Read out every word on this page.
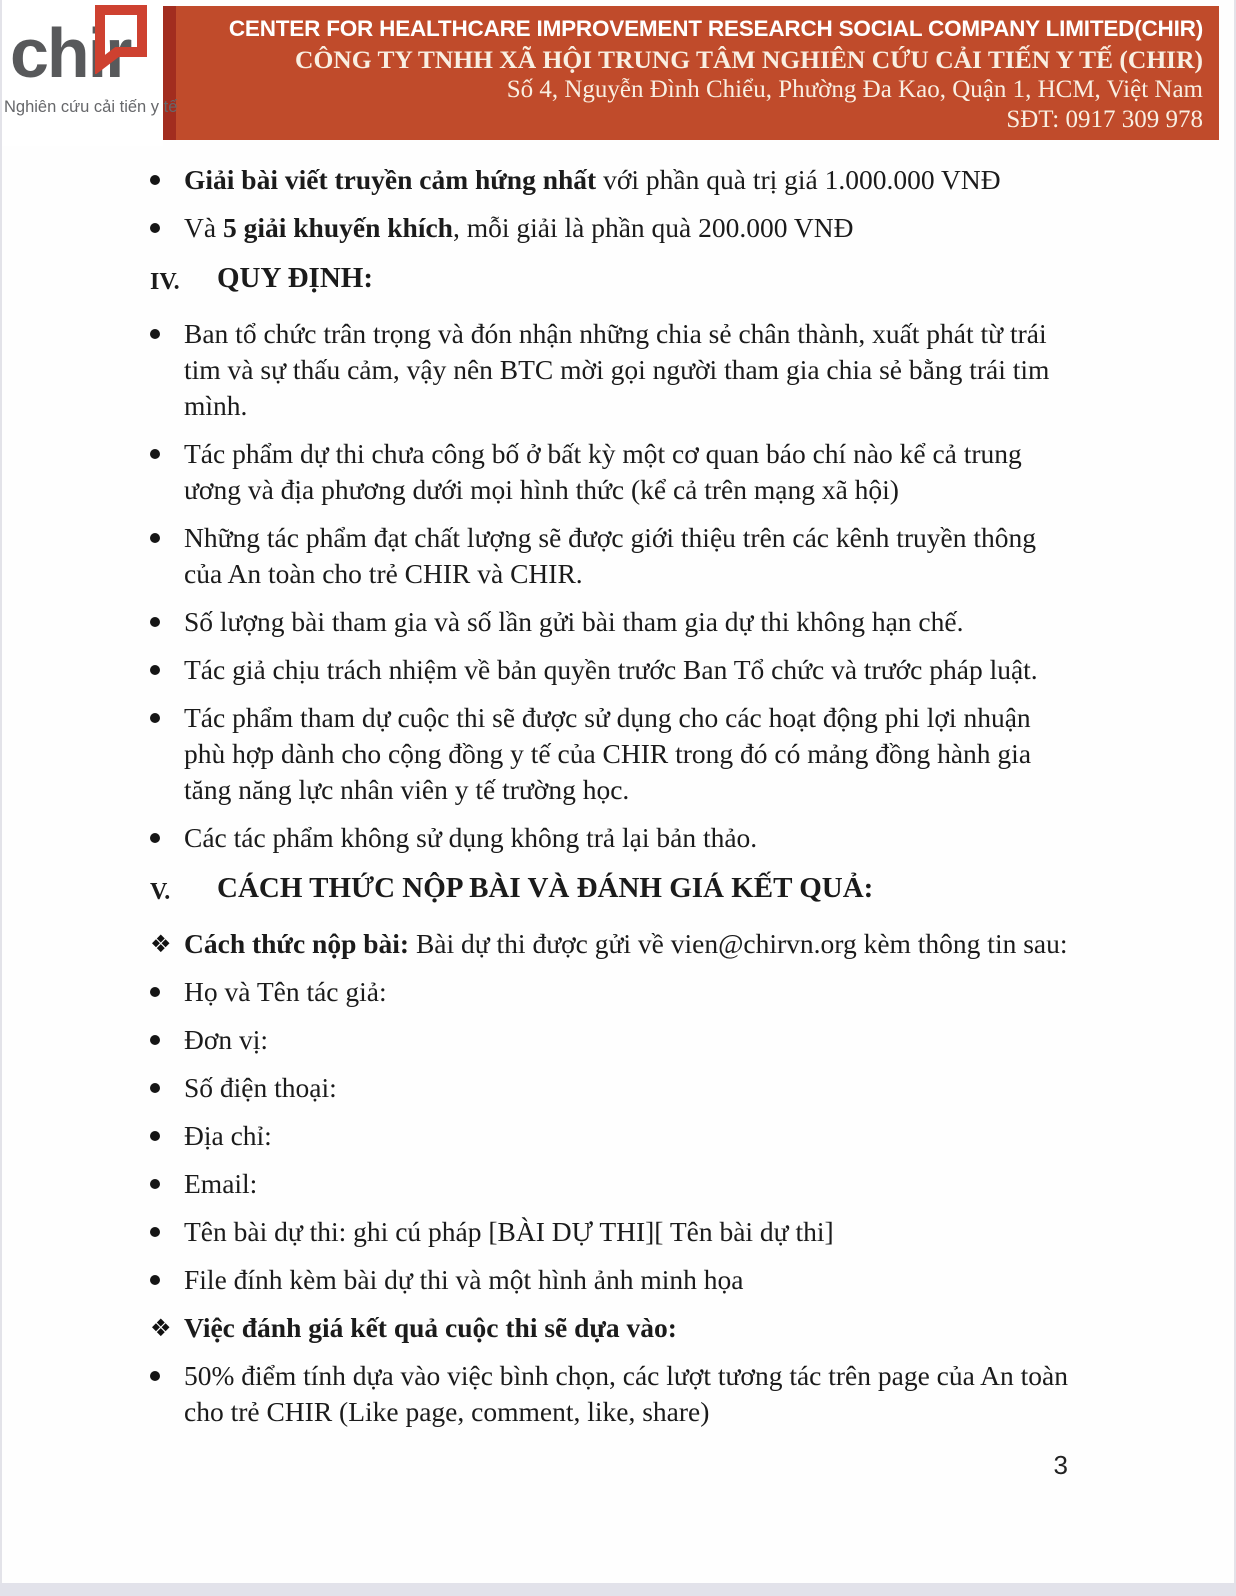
chir
Nghiên cứu cải tiến y tế
CENTER FOR HEALTHCARE IMPROVEMENT RESEARCH SOCIAL COMPANY LIMITED(CHIR)
CÔNG TY TNHH XÃ HỘI TRUNG TÂM NGHIÊN CỨU CẢI TIẾN Y TẾ (CHIR)
Số 4, Nguyễn Đình Chiểu, Phường Đa Kao, Quận 1, HCM, Việt Nam
SĐT: 0917 309 978
Giải bài viết truyền cảm hứng nhất với phần quà trị giá 1.000.000 VNĐ
Và 5 giải khuyến khích, mỗi giải là phần quà 200.000 VNĐ
IV.	QUY ĐỊNH:
Ban tổ chức trân trọng và đón nhận những chia sẻ chân thành, xuất phát từ trái tim và sự thấu cảm, vậy nên BTC mời gọi người tham gia chia sẻ bằng trái tim mình.
Tác phẩm dự thi chưa công bố ở bất kỳ một cơ quan báo chí nào kể cả trung ương và địa phương dưới mọi hình thức (kể cả trên mạng xã hội)
Những tác phẩm đạt chất lượng sẽ được giới thiệu trên các kênh truyền thông của An toàn cho trẻ CHIR và CHIR.
Số lượng bài tham gia và số lần gửi bài tham gia dự thi không hạn chế.
Tác giả chịu trách nhiệm về bản quyền trước Ban Tổ chức và trước pháp luật.
Tác phẩm tham dự cuộc thi sẽ được sử dụng cho các hoạt động phi lợi nhuận phù hợp dành cho cộng đồng y tế của CHIR trong đó có mảng đồng hành gia tăng năng lực nhân viên y tế trường học.
Các tác phẩm không sử dụng không trả lại bản thảo.
V.	CÁCH THỨC NỘP BÀI VÀ ĐÁNH GIÁ KẾT QUẢ:
❖ Cách thức nộp bài: Bài dự thi được gửi về vien@chirvn.org kèm thông tin sau:
Họ và Tên tác giả:
Đơn vị:
Số điện thoại:
Địa chỉ:
Email:
Tên bài dự thi: ghi cú pháp [BÀI DỰ THI][ Tên bài dự thi]
File đính kèm bài dự thi và một hình ảnh minh họa
❖ Việc đánh giá kết quả cuộc thi sẽ dựa vào:
50% điểm tính dựa vào việc bình chọn, các lượt tương tác trên page của An toàn cho trẻ CHIR (Like page, comment, like, share)
3
